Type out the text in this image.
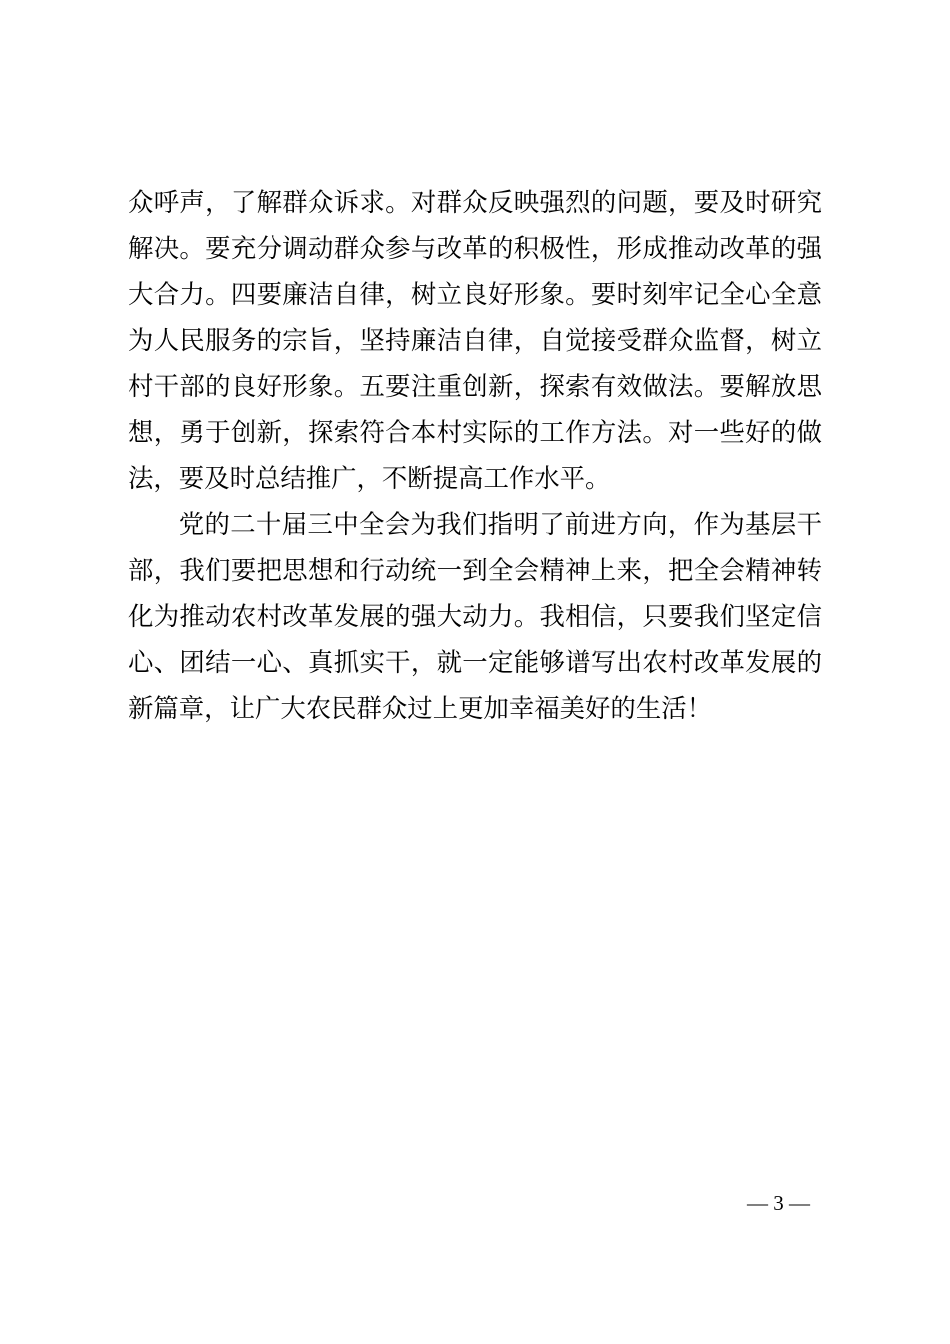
众呼声，了解群众诉求。对群众反映强烈的问题，要及时研究
解决。要充分调动群众参与改革的积极性，形成推动改革的强
大合力。四要廉洁自律，树立良好形象。要时刻牢记全心全意
为人民服务的宗旨，坚持廉洁自律，自觉接受群众监督，树立
村干部的良好形象。五要注重创新，探索有效做法。要解放思
想，勇于创新，探索符合本村实际的工作方法。对一些好的做
法，要及时总结推广，不断提高工作水平。
党的二十届三中全会为我们指明了前进方向，作为基层干
部，我们要把思想和行动统一到全会精神上来，把全会精神转
化为推动农村改革发展的强大动力。我相信，只要我们坚定信
心、团结一心、真抓实干，就一定能够谱写出农村改革发展的
新篇章，让广大农民群众过上更加幸福美好的生活！
— 3 —
